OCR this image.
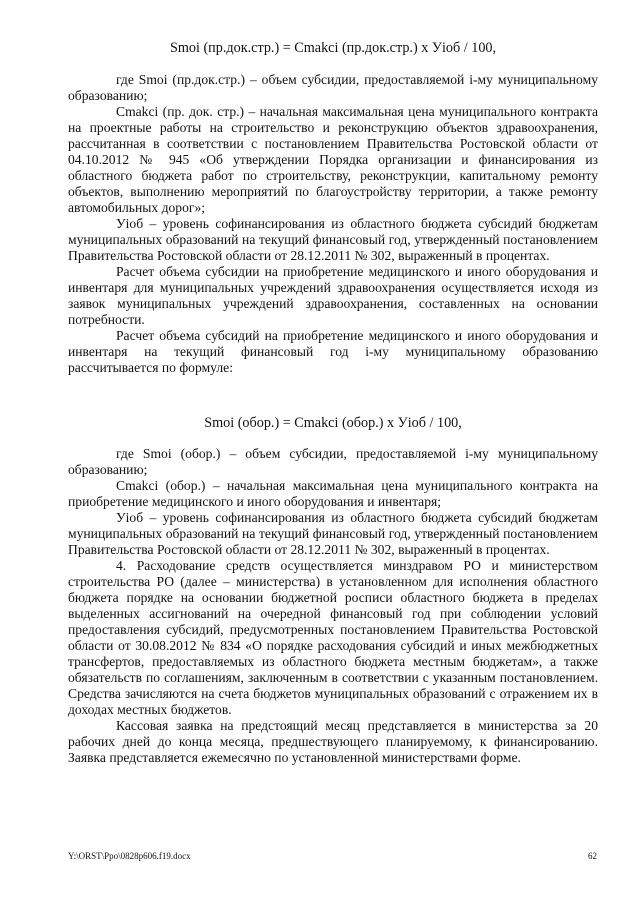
Smoi (пр.док.стр.) = Cmakci (пр.док.стр.) х Уioб / 100,

где Smoi (пр.док.стр.) – объем субсидии, предоставляемой i-му муниципальному образованию;

Cmakci (пр. док. стр.) – начальная максимальная цена муниципального контракта на проектные работы на строительство и реконструкцию объектов здравоохранения, рассчитанная в соответствии с постановлением Правительства Ростовской области от 04.10.2012 № 945 «Об утверждении Порядка организации и финансирования из областного бюджета работ по строительству, реконструкции, капитальному ремонту объектов, выполнению мероприятий по благоустройству территории, а также ремонту автомобильных дорог»;

Уioб – уровень софинансирования из областного бюджета субсидий бюджетам муниципальных образований на текущий финансовый год, утвержденный постановлением Правительства Ростовской области от 28.12.2011 № 302, выраженный в процентах.

Расчет объема субсидии на приобретение медицинского и иного оборудования и инвентаря для муниципальных учреждений здравоохранения осуществляется исходя из заявок муниципальных учреждений здравоохранения, составленных на основании потребности.

Расчет объема субсидий на приобретение медицинского и иного оборудования и инвентаря на текущий финансовый год i-му муниципальному образованию рассчитывается по формуле:

Smoi (обор.) = Cmakci (обор.) х Уioб / 100,

где Smoi (обор.) – объем субсидии, предоставляемой i-му муниципальному образованию;

Cmakci (обор.) – начальная максимальная цена муниципального контракта на приобретение медицинского и иного оборудования и инвентаря;

Уioб – уровень софинансирования из областного бюджета субсидий бюджетам муниципальных образований на текущий финансовый год, утвержденный постановлением Правительства Ростовской области от 28.12.2011 № 302, выраженный в процентах.

4. Расходование средств осуществляется минздравом РО и министерством строительства РО (далее – министерства) в установленном для исполнения областного бюджета порядке на основании бюджетной росписи областного бюджета в пределах выделенных ассигнований на очередной финансовый год при соблюдении условий предоставления субсидий, предусмотренных постановлением Правительства Ростовской области от 30.08.2012 № 834 «О порядке расходования субсидий и иных межбюджетных трансфертов, предоставляемых из областного бюджета местным бюджетам», а также обязательств по соглашениям, заключенным в соответствии с указанным постановлением. Средства зачисляются на счета бюджетов муниципальных образований с отражением их в доходах местных бюджетов.

Кассовая заявка на предстоящий месяц представляется в министерства за 20 рабочих дней до конца месяца, предшествующего планируемому, к финансированию. Заявка представляется ежемесячно по установленной министерствами форме.

Y:\ORST\Ppo\0828p606.f19.docx	62
